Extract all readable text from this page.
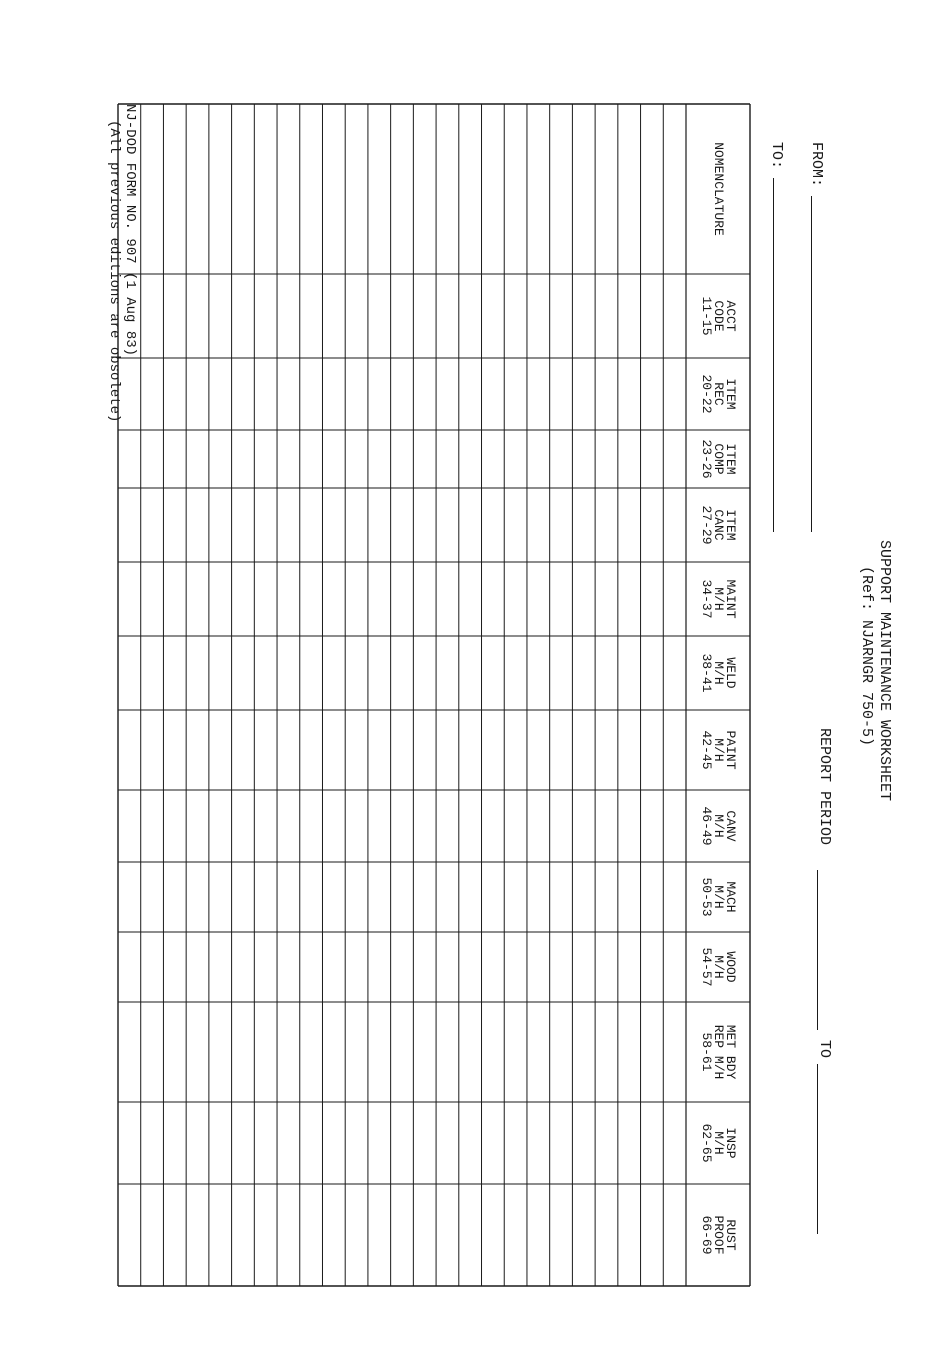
SUPPORT MAINTENANCE WORKSHEET
(Ref: NJARNGR 750-5)
REPORT PERIOD
TO
FROM:
TO:
NOMENCLATURE
ACCT
CODE
11-15
ITEM
REC
20-22
ITEM
COMP
23-26
ITEM
CANC
27-29
MAINT
M/H
34-37
WELD
M/H
38-41
PAINT
M/H
42-45
CANV
M/H
46-49
MACH
M/H
50-53
WOOD
M/H
54-57
MET BDY
REP M/H
58-61
INSP
M/H
62-65
RUST
PROOF
66-69
NJ-DOD FORM NO. 907 (1 Aug 83)
(All previous editions are obsolete)
